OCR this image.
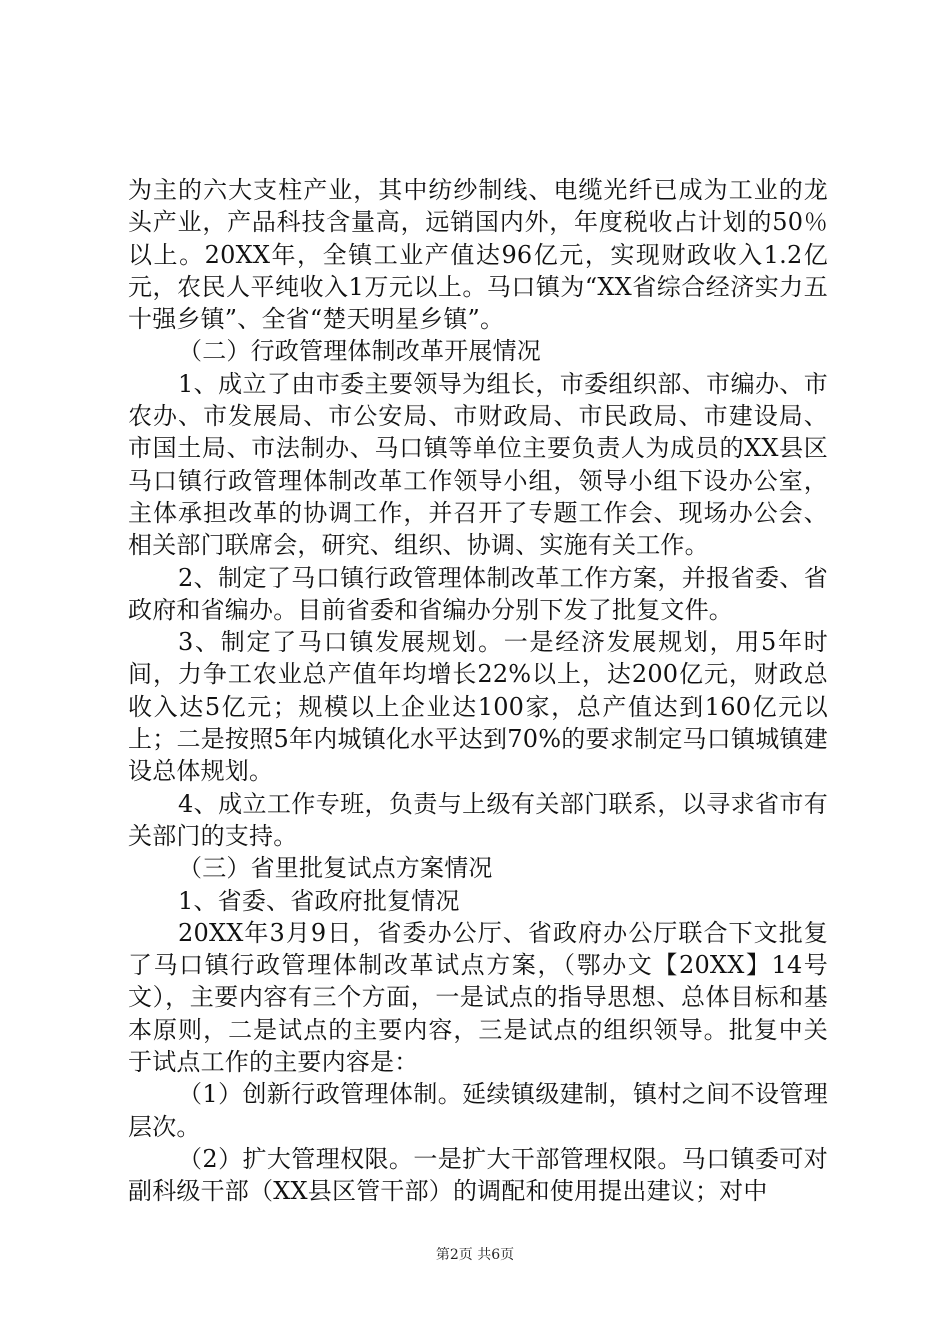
为主的六大支柱产业，其中纺纱制线、电缆光纤已成为工业的龙头产业，产品科技含量高，远销国内外，年度税收占计划的50％以上。20XX年，全镇工业产值达96亿元，实现财政收入1.2亿元，农民人平纯收入1万元以上。马口镇为“XX省综合经济实力五十强乡镇”、全省“楚天明星乡镇”。

（二）行政管理体制改革开展情况

1、成立了由市委主要领导为组长，市委组织部、市编办、市农办、市发展局、市公安局、市财政局、市民政局、市建设局、市国土局、市法制办、马口镇等单位主要负责人为成员的XX县区马口镇行政管理体制改革工作领导小组，领导小组下设办公室，主体承担改革的协调工作，并召开了专题工作会、现场办公会、相关部门联席会，研究、组织、协调、实施有关工作。

2、制定了马口镇行政管理体制改革工作方案，并报省委、省政府和省编办。目前省委和省编办分别下发了批复文件。

3、制定了马口镇发展规划。一是经济发展规划，用5年时间，力争工农业总产值年均增长22%以上，达200亿元，财政总收入达5亿元；规模以上企业达100家，总产值达到160亿元以上；二是按照5年内城镇化水平达到70%的要求制定马口镇城镇建设总体规划。

4、成立工作专班，负责与上级有关部门联系，以寻求省市有关部门的支持。

（三）省里批复试点方案情况

1、省委、省政府批复情况

20XX年3月9日，省委办公厅、省政府办公厅联合下文批复了马口镇行政管理体制改革试点方案，（鄂办文【20XX】14号文），主要内容有三个方面，一是试点的指导思想、总体目标和基本原则，二是试点的主要内容，三是试点的组织领导。批复中关于试点工作的主要内容是：

（1）创新行政管理体制。延续镇级建制，镇村之间不设管理层次。

（2）扩大管理权限。一是扩大干部管理权限。马口镇委可对副科级干部（XX县区管干部）的调配和使用提出建议；对中

第2页 共6页
